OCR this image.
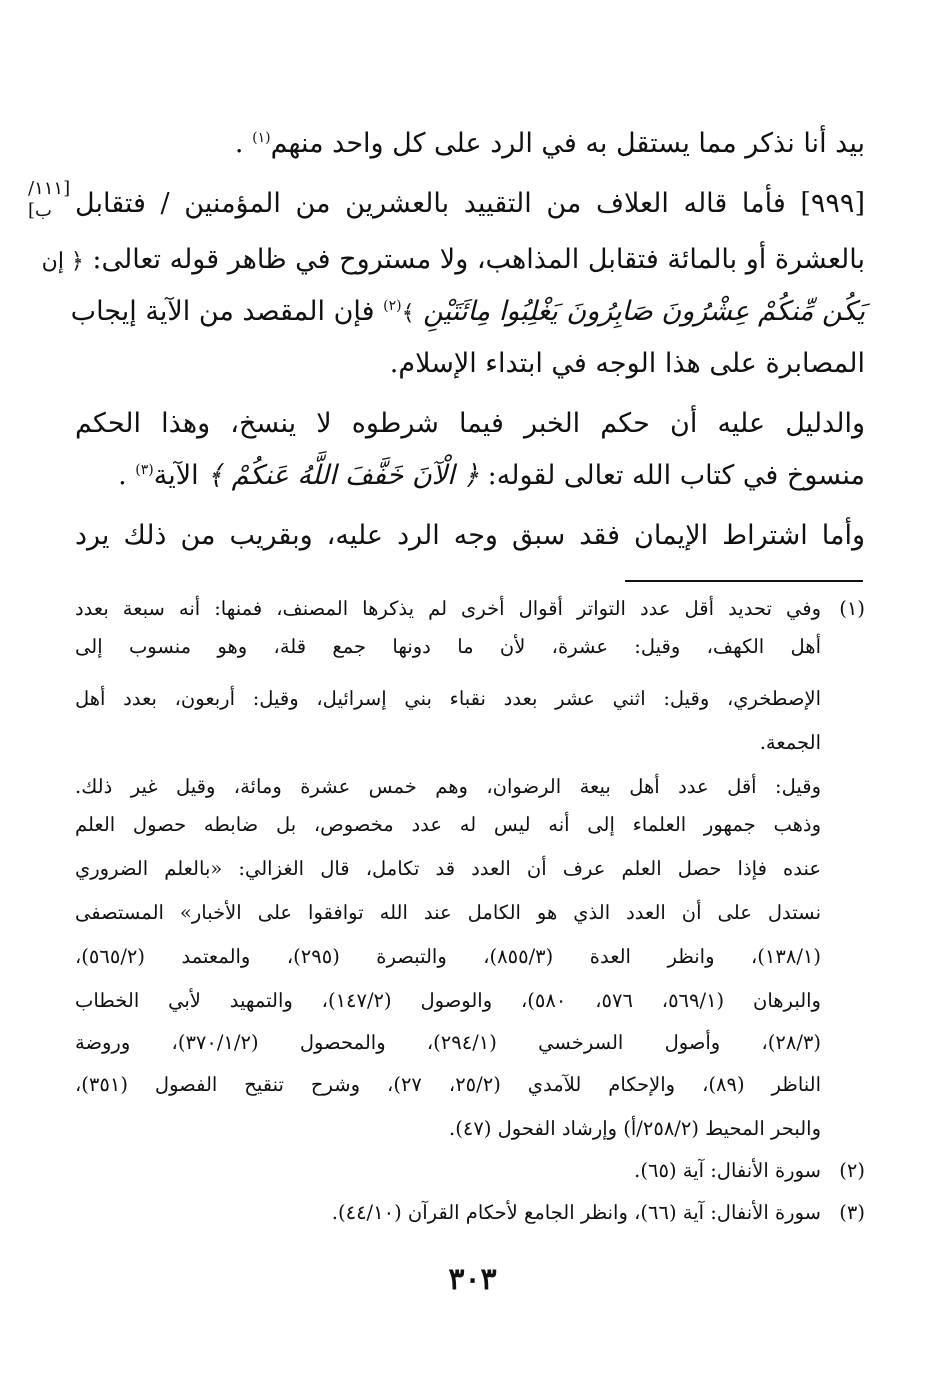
بيد أنا نذكر مما يستقل به في الرد على كل واحد منهم$^{(١)}$ .

[٩٩٩] فأما قاله العلاف من التقييد بالعشرين من المؤمنين / فتقابل

[١١١/ب]

بالعشرة أو بالمائة فتقابل المذاهب، ولا مستروح في ظاهر قوله تعالى: ﴿ إن

يَكُن مِّنكُمْ عِشْرُونَ صَابِرُونَ يَغْلِبُوا مِائَتَيْنِ ﴾$^{(٢)}$ فإن المقصد من الآية إيجاب

المصابرة على هذا الوجه في ابتداء الإسلام.

والدليل عليه أن حكم الخبر فيما شرطوه لا ينسخ، وهذا الحكم

منسوخ في كتاب الله تعالى لقوله: ﴿ الْآنَ خَفَّفَ اللَّهُ عَنكُمْ ﴾ الآية$^{(٣)}$ .

وأما اشتراط الإيمان فقد سبق وجه الرد عليه، وبقريب من ذلك يرد

(١)وفي تحديد أقل عدد التواتر أقوال أخرى لم يذكرها المصنف، فمنها: أنه سبعة بعدد

أهل الكهف، وقيل: عشرة، لأن ما دونها جمع قلة، وهو منسوب إلى

الإصطخري، وقيل: اثني عشر بعدد نقباء بني إسرائيل، وقيل: أربعون، بعدد أهل

الجمعة.

وقيل: أقل عدد أهل بيعة الرضوان، وهم خمس عشرة ومائة، وقيل غير ذلك.

وذهب جمهور العلماء إلى أنه ليس له عدد مخصوص، بل ضابطه حصول العلم

عنده فإذا حصل العلم عرف أن العدد قد تكامل، قال الغزالي: «بالعلم الضروري

نستدل على أن العدد الذي هو الكامل عند الله توافقوا على الأخبار» المستصفى

(١٣٨/١)، وانظر العدة (٨٥٥/٣)، والتبصرة (٢٩٥)، والمعتمد (٥٦٥/٢)،

والبرهان (٥٦٩/١، ٥٧٦، ٥٨٠)، والوصول (١٤٧/٢)، والتمهيد لأبي الخطاب

(٢٨/٣)، وأصول السرخسي (٢٩٤/١)، والمحصول (٣٧٠/١/٢)، وروضة

الناظر (٨٩)، والإحكام للآمدي (٢٥/٢، ٢٧)، وشرح تنقيح الفصول (٣٥١)،

والبحر المحيط (٢٥٨/٢/أ) وإرشاد الفحول (٤٧).

(٢)سورة الأنفال: آية (٦٥).

(٣)سورة الأنفال: آية (٦٦)، وانظر الجامع لأحكام القرآن (٤٤/١٠).

٣٠٣
